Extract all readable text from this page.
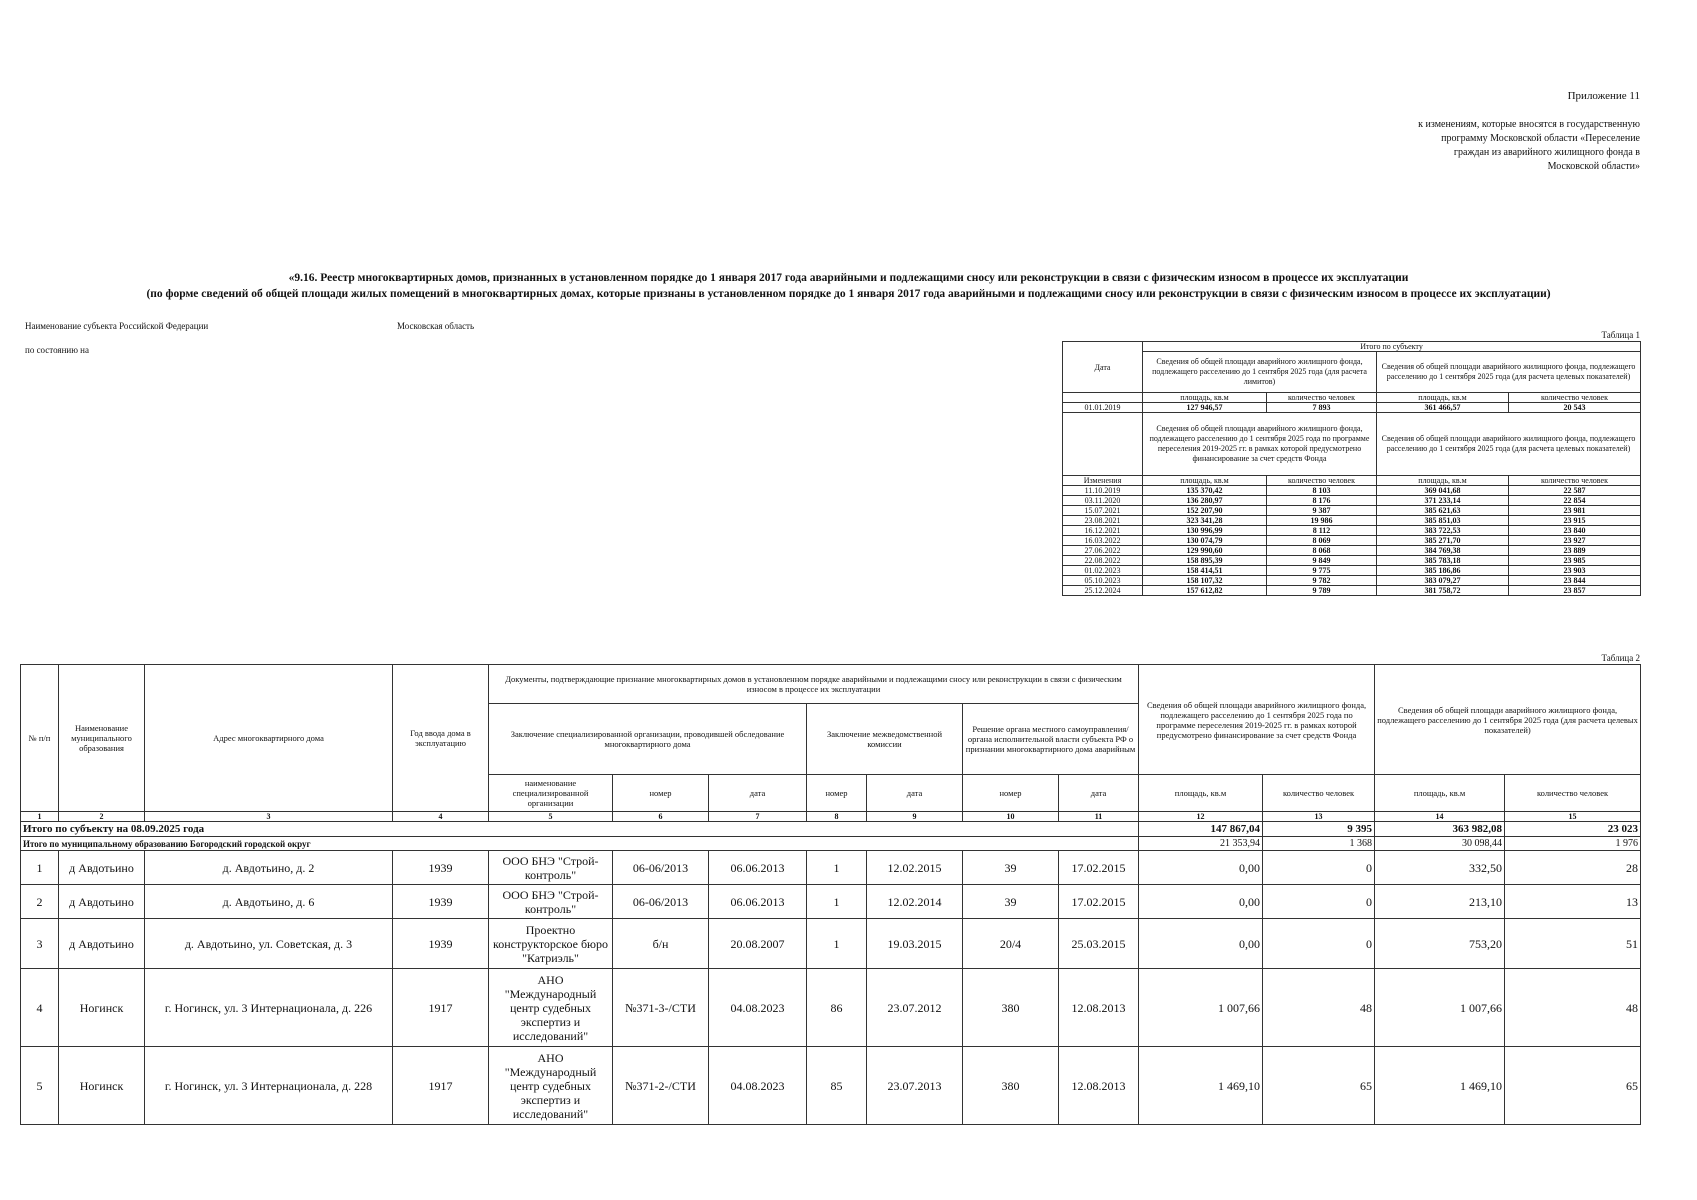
Приложение 11
к изменениям, которые вносятся в государственную
программу Московской области «Переселение
граждан из аварийного жилищного фонда в
Московской области»
«9.16. Реестр многоквартирных домов, признанных в установленном порядке до 1 января 2017 года аварийными и подлежащими сносу или реконструкции в связи с физическим износом в процессе их эксплуатации
(по форме сведений об общей площади жилых помещений в многоквартирных домах, которые признаны в установленном порядке до 1 января 2017 года аварийными и подлежащими сносу или реконструкции в связи с физическим износом в процессе их эксплуатации)
Наименование субъекта Российской Федерации	Московская область
по состоянию на
Таблица 1
Дата	Итого по субъекту			
	Сведения об общей площади аварийного жилищного фонда, подлежащего расселению до 1 сентября 2025 года (для расчета лимитов)		Сведения об общей площади аварийного жилищного фонда, подлежащего расселению до 1 сентября 2025 года (для расчета целевых показателей)	
	площадь, кв.м	количество человек	площадь, кв.м	количество человек
01.01.2019	127 946,57	7 893	361 466,57	20 543
	Сведения об общей площади аварийного жилищного фонда, подлежащего расселению до 1 сентября 2025 года по программе переселения 2019-2025 гг. в рамках которой предусмотрено финансирование за счет средств Фонда		Сведения об общей площади аварийного жилищного фонда, подлежащего расселению до 1 сентября 2025 года (для расчета целевых показателей)	
Изменения	площадь, кв.м	количество человек	площадь, кв.м	количество человек
11.10.2019	135 370,42	8 103	369 041,68	22 587
03.11.2020	136 280,97	8 176	371 233,14	22 854
15.07.2021	152 207,90	9 387	385 621,63	23 981
23.08.2021	323 341,28	19 986	385 851,03	23 915
16.12.2021	130 996,99	8 112	383 722,53	23 840
16.03.2022	130 074,79	8 069	385 271,70	23 927
27.06.2022	129 990,60	8 068	384 769,38	23 889
22.08.2022	158 895,39	9 849	385 783,18	23 985
01.02.2023	158 414,51	9 775	385 186,86	23 903
05.10.2023	158 107,32	9 782	383 079,27	23 844
25.12.2024	157 612,82	9 789	381 758,72	23 857
Таблица 2
№ п/п	Наименование муниципального образования	Адрес многоквартирного дома	Год ввода дома в эксплуатацию	Документы, подтверждающие признание многоквартирных домов в установленном порядке аварийными и подлежащими сносу или реконструкции в связи с физическим износом в процессе их эксплуатации							Сведения об общей площади аварийного жилищного фонда, подлежащего расселению до 1 сентября 2025 года по программе переселения 2019-2025 гг. в рамках которой предусмотрено финансирование за счет средств Фонда		Сведения об общей площади аварийного жилищного фонда, подлежащего расселению до 1 сентября 2025 года (для расчета целевых показателей)	
				Заключение специализированной организации, проводившей обследование многоквартирного дома			Заключение межведомственной комиссии		Решение органа местного самоуправления/органа исполнительной власти субъекта РФ о признании многоквартирного дома аварийным					
				наименование специализированной организации	номер	дата	номер	дата	номер	дата	площадь, кв.м	количество человек	площадь, кв.м	количество человек
1	2	3	4	5	6	7	8	9	10	11	12	13	14	15
Итого по субъекту на 08.09.2025 года											147 867,04	9 395	363 982,08	23 023
Итого по муниципальному образованию Богородский городской округ											21 353,94	1 368	30 098,44	1 976
1	д Авдотьино	д. Авдотьино, д. 2	1939	ООО БНЭ "Строй-контроль"	06-06/2013	06.06.2013	1	12.02.2015	39	17.02.2015	0,00	0	332,50	28
2	д Авдотьино	д. Авдотьино, д. 6	1939	ООО БНЭ "Строй-контроль"	06-06/2013	06.06.2013	1	12.02.2014	39	17.02.2015	0,00	0	213,10	13
3	д Авдотьино	д. Авдотьино, ул. Советская, д. 3	1939	Проектно конструкторское бюро "Катриэль"	б/н	20.08.2007	1	19.03.2015	20/4	25.03.2015	0,00	0	753,20	51
4	Ногинск	г. Ногинск, ул. 3 Интернационала, д. 226	1917	АНО "Международный центр судебных экспертиз и исследований"	№371-3-/СТИ	04.08.2023	86	23.07.2012	380	12.08.2013	1 007,66	48	1 007,66	48
5	Ногинск	г. Ногинск, ул. 3 Интернационала, д. 228	1917	АНО "Международный центр судебных экспертиз и исследований"	№371-2-/СТИ	04.08.2023	85	23.07.2013	380	12.08.2013	1 469,10	65	1 469,10	65
